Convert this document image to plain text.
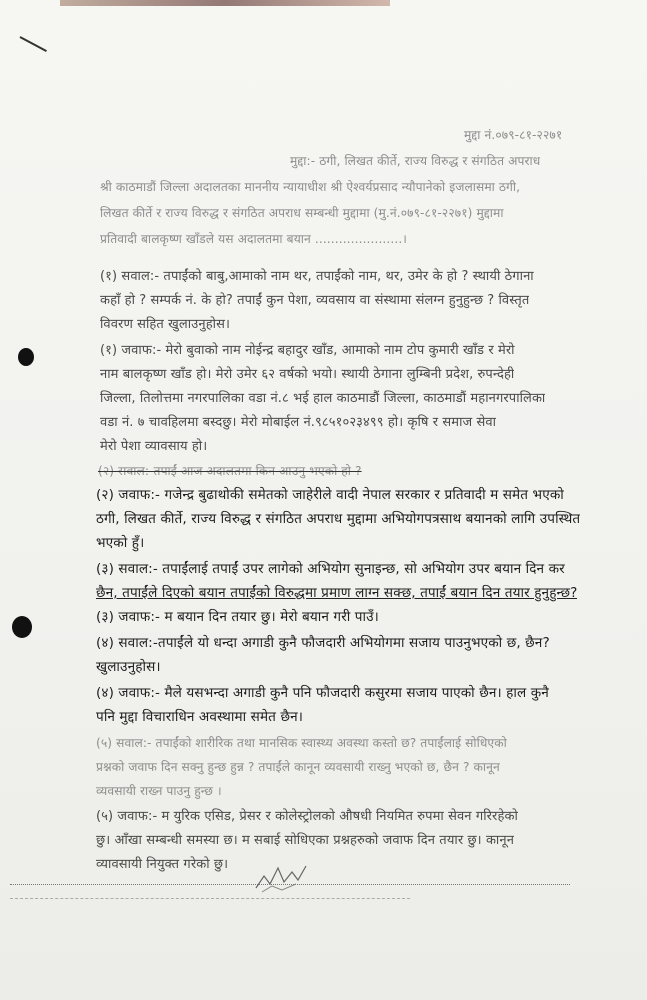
मुद्दा नं.०७९-८१-२२७१
मुद्दा:- ठगी, लिखत कीर्ते, राज्य विरुद्ध र संगठित अपराध
श्री काठमाडौं जिल्ला अदालतका माननीय न्यायाधीश श्री ऐश्वर्यप्रसाद न्यौपानेको इजलासमा ठगी,
लिखत कीर्ते र राज्य विरुद्ध र संगठित अपराध सम्बन्धी मुद्दामा (मु.नं.०७९-८१-२२७१) मुद्दामा
प्रतिवादी बालकृष्ण खाँडले यस अदालतमा बयान ......................।
(१) सवाल:- तपाईंको बाबु,आमाको नाम थर, तपाईंको नाम, थर, उमेर के हो ? स्थायी ठेगाना
कहाँ हो ? सम्पर्क नं. के हो? तपाईं कुन पेशा, व्यवसाय वा संस्थामा संलग्न हुनुहुन्छ ? विस्तृत
विवरण सहित खुलाउनुहोस।
(१) जवाफ:- मेरो बुवाको नाम नोईन्द्र बहादुर खाँड, आमाको नाम टोप कुमारी खाँड र मेरो
नाम बालकृष्ण खाँड हो। मेरो उमेर ६२ वर्षको भयो। स्थायी ठेगाना लुम्बिनी प्रदेश, रुपन्देही
जिल्ला, तिलोत्तमा नगरपालिका वडा नं.८ भई हाल काठमाडौं जिल्ला, काठमाडौं महानगरपालिका
वडा नं. ७ चावहिलमा बस्दछु। मेरो मोबाईल नं.९८५१०२३४९९ हो। कृषि र समाज सेवा
मेरो पेशा व्यावसाय हो।
(२) सवाल:-तपाईं आज अदालतमा किन आउनु भएको हो ?
(२) जवाफ:- गजेन्द्र बुढाथोकी समेतको जाहेरीले वादी नेपाल सरकार र प्रतिवादी म समेत भएको
ठगी, लिखत कीर्ते, राज्य विरुद्ध र संगठित अपराध मुद्दामा अभियोगपत्रसाथ बयानको लागि उपस्थित
भएको हुँ।
(३) सवाल:- तपाईंलाई तपाईं उपर लागेको अभियोग सुनाइन्छ, सो अभियोग उपर बयान दिन कर
छैन, तपाईंले दिएको बयान तपाईंको विरुद्धमा प्रमाण लाग्न सक्छ, तपाईं बयान दिन तयार हुनुहुन्छ?
(३) जवाफ:- म बयान दिन तयार छु। मेरो बयान गरी पाउँ।
(४) सवाल:-तपाईंले यो धन्दा अगाडी कुनै फौजदारी अभियोगमा सजाय पाउनुभएको छ, छैन?
खुलाउनुहोस।
(४) जवाफ:- मैले यसभन्दा अगाडी कुनै पनि फौजदारी कसुरमा सजाय पाएको छैन। हाल कुनै
पनि मुद्दा विचाराधिन अवस्थामा समेत छैन।
(५) सवाल:- तपाईंको शारीरिक तथा मानसिक स्वास्थ्य अवस्था कस्तो छ? तपाईंलाई सोधिएको
प्रश्नको जवाफ दिन सक्नु हुन्छ हुन्न ? तपाईंले कानून व्यवसायी राख्नु भएको छ, छैन ? कानून
व्यवसायी राख्न पाउनु हुन्छ ।
(५) जवाफ:- म युरिक एसिड, प्रेसर र कोलेस्ट्रोलको औषधी नियमित रुपमा सेवन गरिरहेको
छु। आँखा सम्बन्धी समस्या छ। म सबाई सोधिएका प्रश्नहरुको जवाफ दिन तयार छु। कानून
व्यावसायी नियुक्त गरेको छु।
